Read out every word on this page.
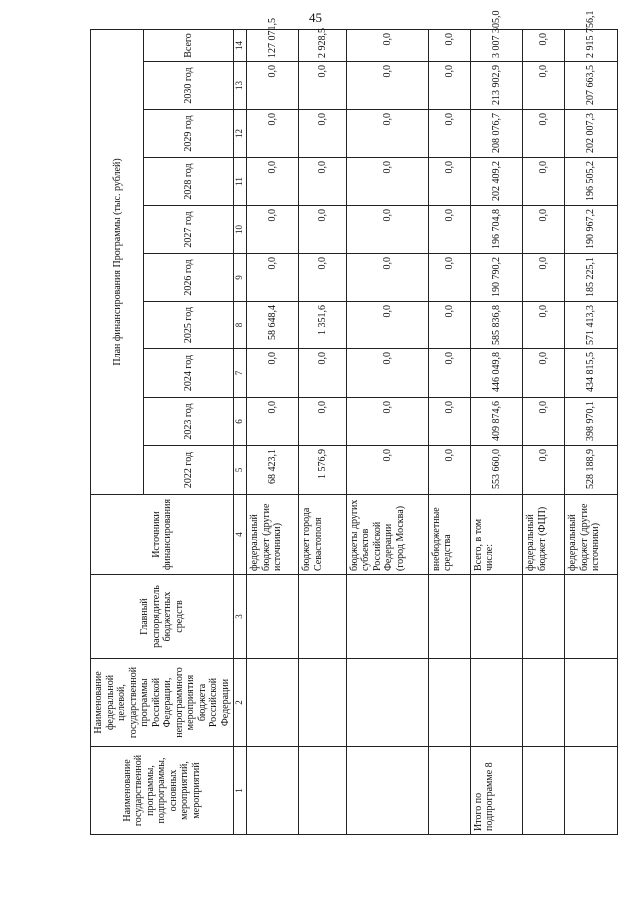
45
Наименование государственной программы, подпрограммы, основных мероприятий, мероприятий	Наименование федеральной целевой, государственной программы Российской Федерации, непрограммного мероприятия бюджета Российской Федерации	Главный распорядитель бюджетных средств	Источники финансирования	План финансирования Программы (тыс. рублей)									
				2022 год	2023 год	2024 год	2025 год	2026 год	2027 год	2028 год	2029 год	2030 год	Всего
1	2	3	4	5	6	7	8	9	10	11	12	13	14
			федеральный бюджет (другие источники)	68 423,1	0,0	0,0	58 648,4	0,0	0,0	0,0	0,0	0,0	127 071,5
			бюджет города Севастополя	1 576,9	0,0	0,0	1 351,6	0,0	0,0	0,0	0,0	0,0	2 928,5
			бюджеты других субъектов Российской Федерации (город Москва)	0,0	0,0	0,0	0,0	0,0	0,0	0,0	0,0	0,0	0,0
			внебюджетные средства	0,0	0,0	0,0	0,0	0,0	0,0	0,0	0,0	0,0	0,0
Итого по подпрограмме 8			Всего, в том числе:	553 660,0	409 874,6	446 049,8	585 836,8	190 790,2	196 704,8	202 409,2	208 076,7	213 902,9	3 007 305,0
			федеральный бюджет (ФЦП)	0,0	0,0	0,0	0,0	0,0	0,0	0,0	0,0	0,0	0,0
			федеральный бюджет (другие источники)	528 188,9	398 970,1	434 815,5	571 413,3	185 225,1	190 967,2	196 505,2	202 007,3	207 663,5	2 915 756,1
